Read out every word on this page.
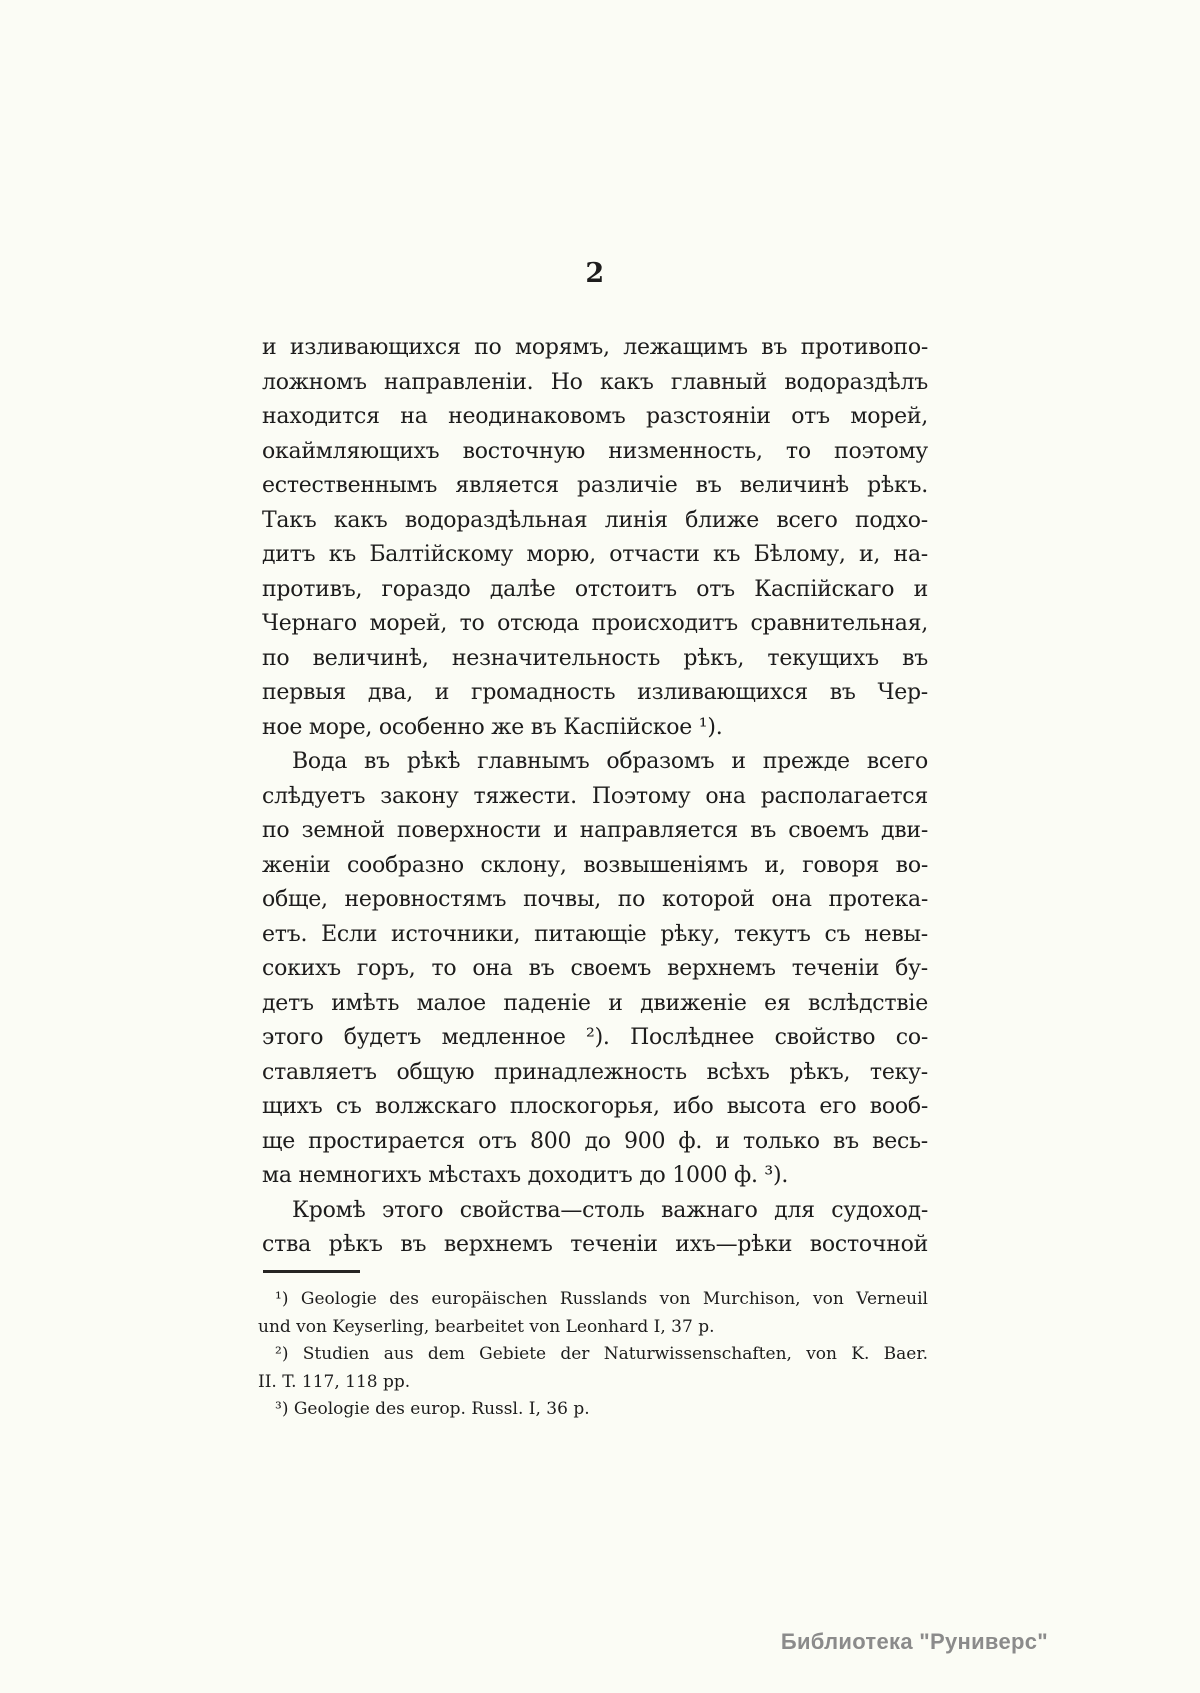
2
и изливающихся по морямъ, лежащимъ въ противопо-
ложномъ направленіи. Но какъ главный водораздѣлъ
находится на неодинаковомъ разстояніи отъ морей,
окаймляющихъ восточную низменность, то поэтому
естественнымъ является различіе въ величинѣ рѣкъ.
Такъ какъ водораздѣльная линія ближе всего подхо-
дитъ къ Балтійскому морю, отчасти къ Бѣлому, и, на-
противъ, гораздо далѣе отстоитъ отъ Каспійскаго и
Чернаго морей, то отсюда происходитъ сравнительная,
по величинѣ, незначительность рѣкъ, текущихъ въ
первыя два, и громадность изливающихся въ Чер-
ное море, особенно же въ Каспійское ¹).
Вода въ рѣкѣ главнымъ образомъ и прежде всего
слѣдуетъ закону тяжести. Поэтому она располагается
по земной поверхности и направляется въ своемъ дви-
женіи сообразно склону, возвышеніямъ и, говоря во-
обще, неровностямъ почвы, по которой она протека-
етъ. Если источники, питающіе рѣку, текутъ съ невы-
сокихъ горъ, то она въ своемъ верхнемъ теченіи бу-
детъ имѣть малое паденіе и движеніе ея вслѣдствіе
этого будетъ медленное ²). Послѣднее свойство со-
ставляетъ общую принадлежность всѣхъ рѣкъ, теку-
щихъ съ волжскаго плоскогорья, ибо высота его вооб-
ще простирается отъ 800 до 900 ф. и только въ весь-
ма немногихъ мѣстахъ доходитъ до 1000 ф. ³).
Кромѣ этого свойства—столь важнаго для судоход-
ства рѣкъ въ верхнемъ теченіи ихъ—рѣки восточной
¹) Geologie des europäischen Russlands von Murchison, von Verneuil
und von Keyserling, bearbeitet von Leonhard I, 37 p.
²) Studien aus dem Gebiete der Naturwissenschaften, von K. Baer.
II. T. 117, 118 pp.
³) Geologie des europ. Russl. I, 36 p.
Библиотека "Руниверс"
